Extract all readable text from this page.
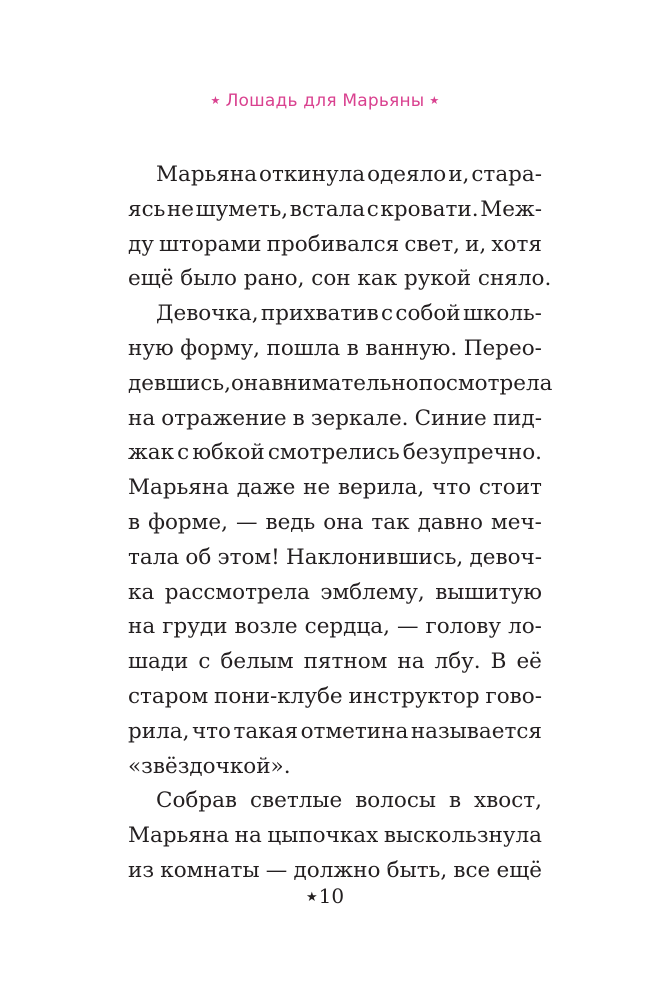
★ Лошадь для Марьяны ★
Марьяна откинула одеяло и, стара-
ясь не шуметь, встала с кровати. Меж-
ду шторами пробивался свет, и, хотя
ещё было рано, сон как рукой сняло.
Девочка, прихватив с собой школь-
ную форму, пошла в ванную. Перео-
девшись, она внимательно посмотрела
на отражение в зеркале. Синие пид-
жак с юбкой смотрелись безупречно.
Марьяна даже не верила, что стоит
в форме, — ведь она так давно меч-
тала об этом! Наклонившись, девоч-
ка рассмотрела эмблему, вышитую
на груди возле сердца, — голову ло-
шади с белым пятном на лбу. В её
старом пони-клубе инструктор гово-
рила, что такая отметина называется
«звёздочкой».
Собрав светлые волосы в хвост,
Марьяна на цыпочках выскользнула
из комнаты — должно быть, все ещё
★10
